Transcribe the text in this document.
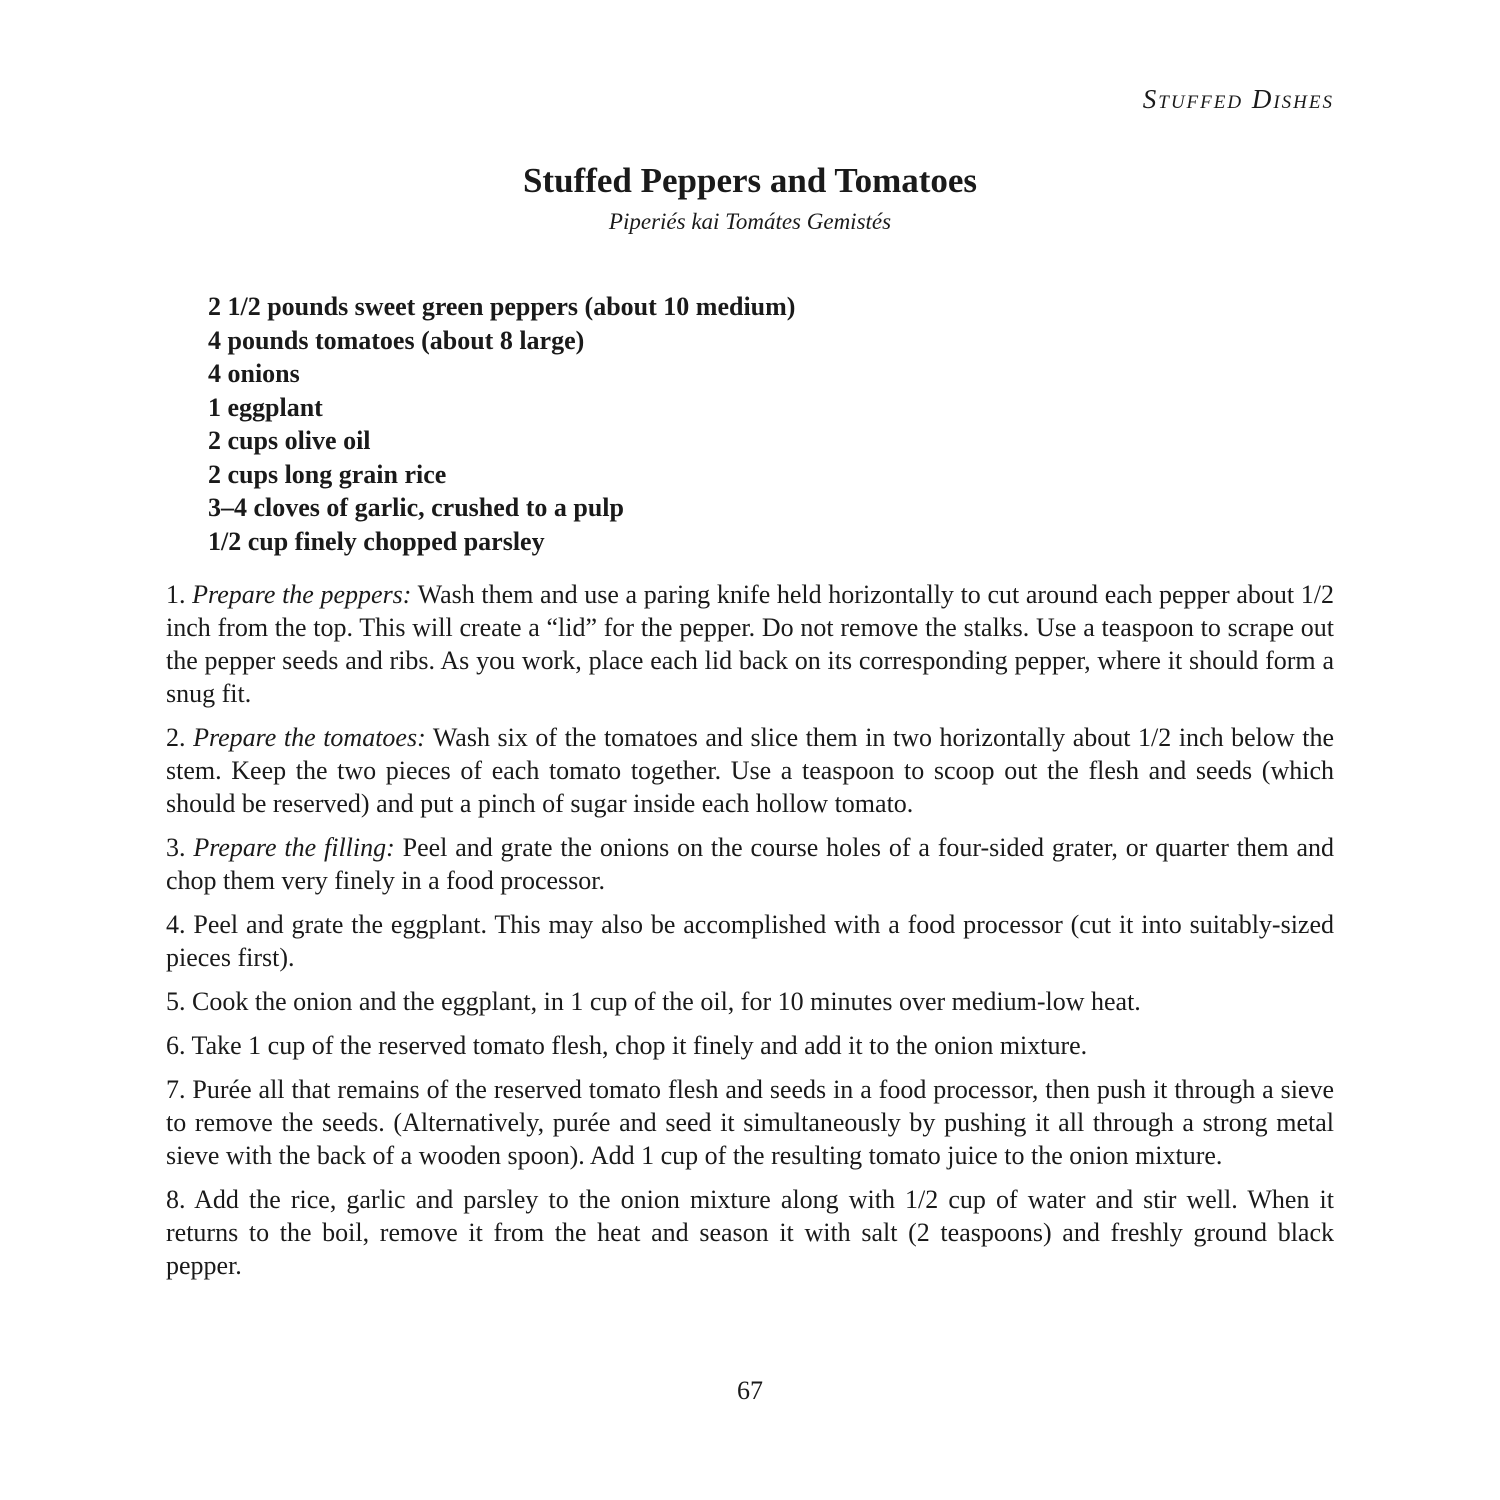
Stuffed Dishes
Stuffed Peppers and Tomatoes

Piperiés kai Tomátes Gemistés

2 1/2 pounds sweet green peppers (about 10 medium)
4 pounds tomatoes (about 8 large)
4 onions
1 eggplant
2 cups olive oil
2 cups long grain rice
3–4 cloves of garlic, crushed to a pulp
1/2 cup finely chopped parsley

1. Prepare the peppers: Wash them and use a paring knife held horizontally to cut around each pepper about 1/2 inch from the top. This will create a “lid” for the pepper. Do not remove the stalks. Use a teaspoon to scrape out the pepper seeds and ribs. As you work, place each lid back on its corresponding pepper, where it should form a snug fit.

2. Prepare the tomatoes: Wash six of the tomatoes and slice them in two horizontally about 1/2 inch below the stem. Keep the two pieces of each tomato together. Use a teaspoon to scoop out the flesh and seeds (which should be reserved) and put a pinch of sugar inside each hollow tomato.

3. Prepare the filling: Peel and grate the onions on the course holes of a four-sided grater, or quarter them and chop them very finely in a food processor.

4. Peel and grate the eggplant. This may also be accomplished with a food processor (cut it into suitably-sized pieces first).

5. Cook the onion and the eggplant, in 1 cup of the oil, for 10 minutes over medium-low heat.

6. Take 1 cup of the reserved tomato flesh, chop it finely and add it to the onion mixture.

7. Purée all that remains of the reserved tomato flesh and seeds in a food processor, then push it through a sieve to remove the seeds. (Alternatively, purée and seed it simultaneously by pushing it all through a strong metal sieve with the back of a wooden spoon). Add 1 cup of the resulting tomato juice to the onion mixture.

8. Add the rice, garlic and parsley to the onion mixture along with 1/2 cup of water and stir well. When it returns to the boil, remove it from the heat and season it with salt (2 teaspoons) and freshly ground black pepper.

67
